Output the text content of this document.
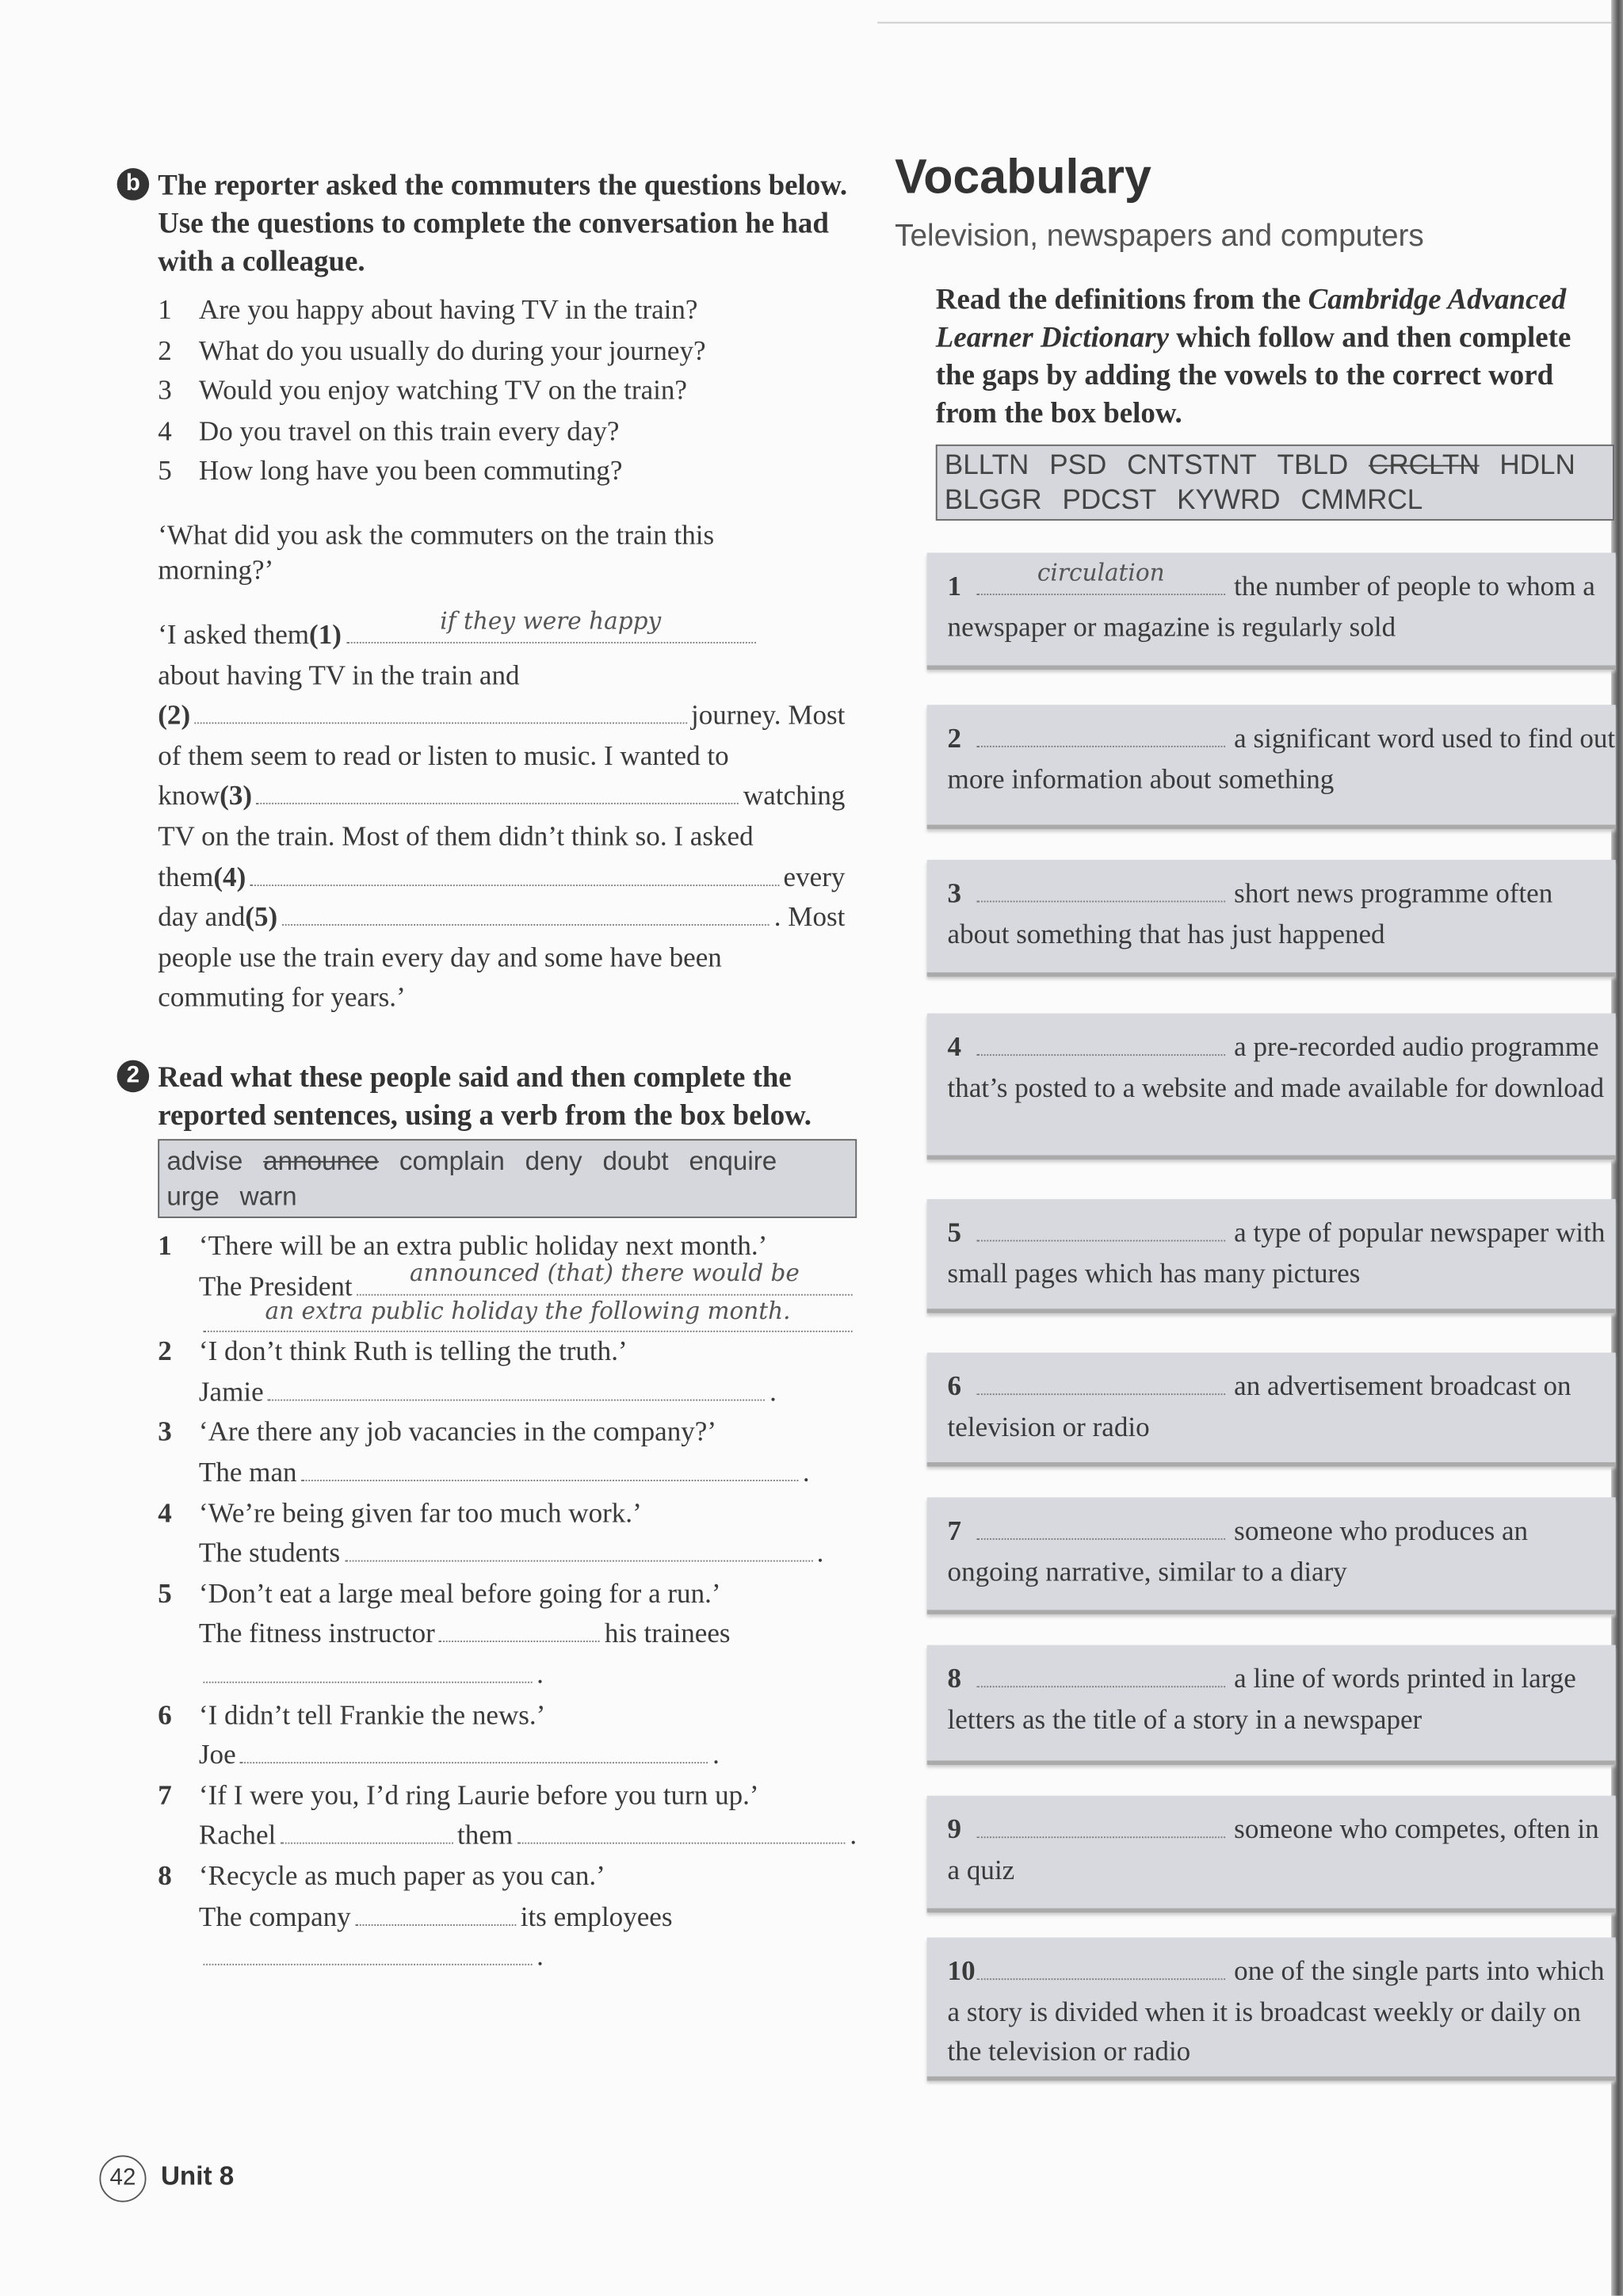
b	The reporter asked the commuters the questions below. Use the questions to complete the conversation he had with a colleague.
1 Are you happy about having TV in the train?
2 What do you usually do during your journey?
3 Would you enjoy watching TV on the train?
4 Do you travel on this train every day?
5 How long have you been commuting?
‘What did you ask the commuters on the train this
morning?’
‘I asked them (1)	if they were happy
about having TV in the train and
(2)	journey. Most
of them seem to read or listen to music. I wanted to
know (3)	watching
TV on the train. Most of them didn’t think so. I asked
them (4)	every
day and (5)	. Most
people use the train every day and some have been
commuting for years.’
2	Read what these people said and then complete the reported sentences, using a verb from the box below.
advise announce complain deny doubt enquire
urge warn
1 ‘There will be an extra public holiday next month.’
The President	announced (that) there would be
an extra public holiday the following month.
2 ‘I don’t think Ruth is telling the truth.’
Jamie	.
3 ‘Are there any job vacancies in the company?’
The man	.
4 ‘We’re being given far too much work.’
The students	.
5 ‘Don’t eat a large meal before going for a run.’
The fitness instructor	his trainees
.
6 ‘I didn’t tell Frankie the news.’
Joe	.
7 ‘If I were you, I’d ring Laurie before you turn up.’
Rachel	them	.
8 ‘Recycle as much paper as you can.’
The company	its employees
.
Vocabulary
Television, newspapers and computers
Read the definitions from the Cambridge Advanced Learner Dictionary which follow and then complete the gaps by adding the vowels to the correct word from the box below.
BLLTN PSD CNTSTNT TBLD CRCLTN HDLN
BLGGR PDCST KYWRD CMMRCL
1	circulation	the number of people to whom a newspaper or magazine is regularly sold
2	a significant word used to find out more information about something
3	short news programme often about something that has just happened
4	a pre-recorded audio programme that’s posted to a website and made available for download
5	a type of popular newspaper with small pages which has many pictures
6	an advertisement broadcast on television or radio
7	someone who produces an ongoing narrative, similar to a diary
8	a line of words printed in large letters as the title of a story in a newspaper
9	someone who competes, often in a quiz
10	one of the single parts into which a story is divided when it is broadcast weekly or daily on the television or radio
42	Unit 8
